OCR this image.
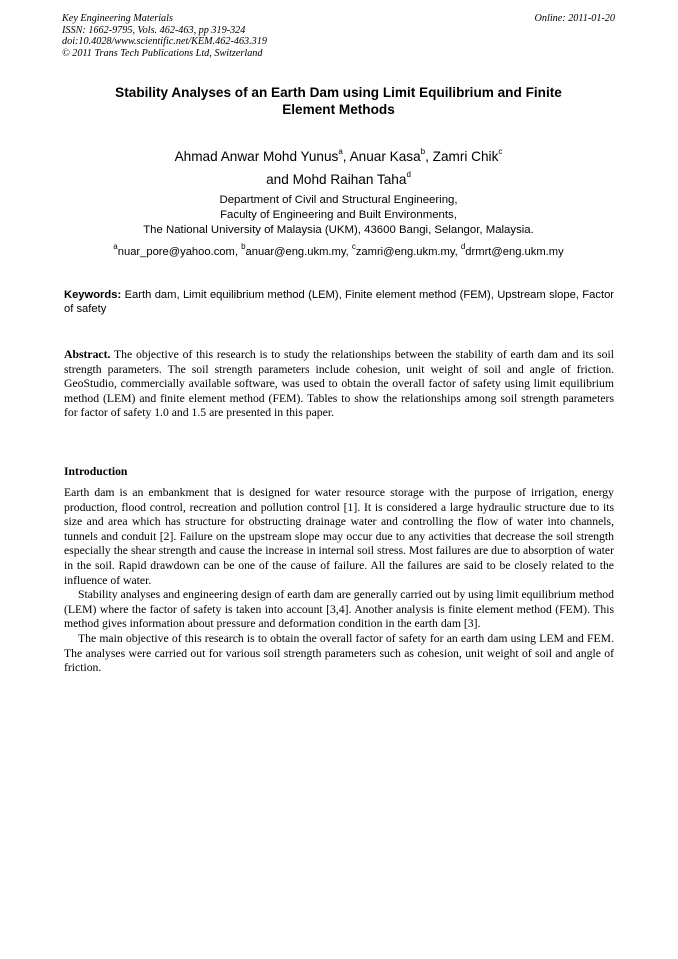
Key Engineering Materials
ISSN: 1662-9795, Vols. 462-463, pp 319-324
doi:10.4028/www.scientific.net/KEM.462-463.319
© 2011 Trans Tech Publications Ltd, Switzerland
Online: 2011-01-20
Stability Analyses of an Earth Dam using Limit Equilibrium and Finite
Element Methods
Ahmad Anwar Mohd Yunus$^a$, Anuar Kasa$^b$, Zamri Chik$^c$
and Mohd Raihan Taha$^d$
Department of Civil and Structural Engineering,
Faculty of Engineering and Built Environments,
The National University of Malaysia (UKM), 43600 Bangi, Selangor, Malaysia.
$^a$nuar_pore@yahoo.com, $^b$anuar@eng.ukm.my, $^c$zamri@eng.ukm.my, $^d$drmrt@eng.ukm.my
Keywords: Earth dam, Limit equilibrium method (LEM), Finite element method (FEM), Upstream slope, Factor of safety
Abstract. The objective of this research is to study the relationships between the stability of earth dam and its soil strength parameters. The soil strength parameters include cohesion, unit weight of soil and angle of friction. GeoStudio, commercially available software, was used to obtain the overall factor of safety using limit equilibrium method (LEM) and finite element method (FEM). Tables to show the relationships among soil strength parameters for factor of safety 1.0 and 1.5 are presented in this paper.
Introduction

Earth dam is an embankment that is designed for water resource storage with the purpose of irrigation, energy production, flood control, recreation and pollution control [1]. It is considered a large hydraulic structure due to its size and area which has structure for obstructing drainage water and controlling the flow of water into channels, tunnels and conduit [2]. Failure on the upstream slope may occur due to any activities that decrease the soil strength especially the shear strength and cause the increase in internal soil stress. Most failures are due to absorption of water in the soil. Rapid drawdown can be one of the cause of failure. All the failures are said to be closely related to the influence of water.

Stability analyses and engineering design of earth dam are generally carried out by using limit equilibrium method (LEM) where the factor of safety is taken into account [3,4]. Another analysis is finite element method (FEM). This method gives information about pressure and deformation condition in the earth dam [3].

The main objective of this research is to obtain the overall factor of safety for an earth dam using LEM and FEM. The analyses were carried out for various soil strength parameters such as cohesion, unit weight of soil and angle of friction.
